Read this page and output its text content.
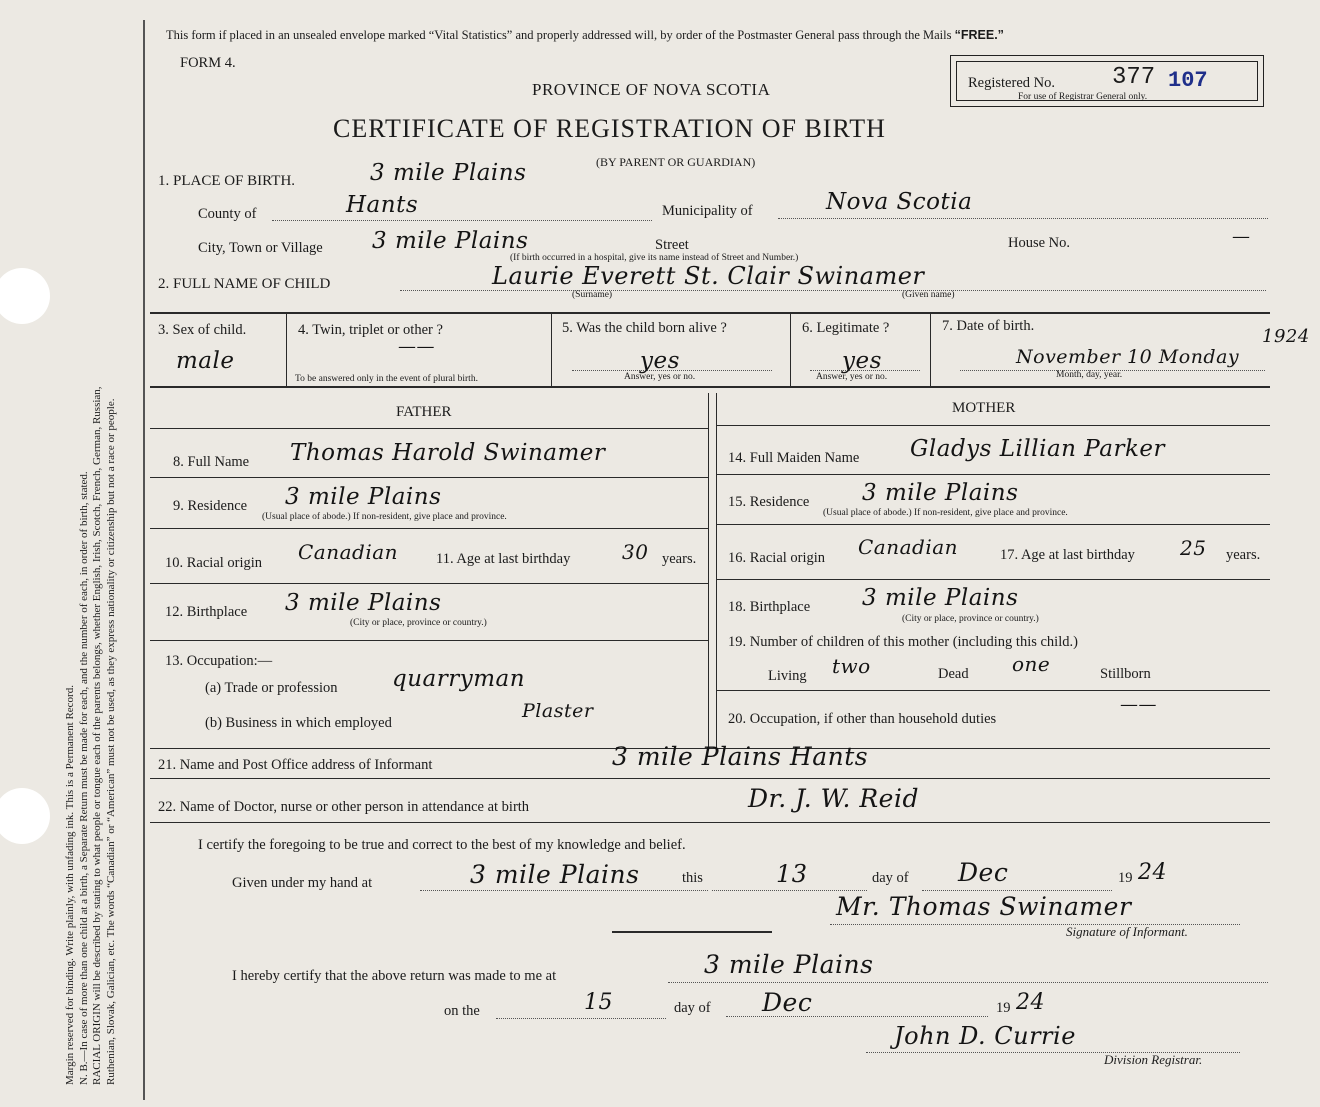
Margin reserved for binding. Write plainly, with unfading ink. This is a Permanent Record. N. B.—In case of more than one child at a birth, a Separate Return must be made for each, and the number of each, in order of birth, stated. RACIAL ORIGIN will be described by stating to what people or tongue each of the parents belongs, whether English, Irish, Scotch, French, German, Russian, Ruthenian, Slovak, Galician, etc. The words “Canadian” or “American” must not be used, as they express nationality or citizenship but not a race or people.
This form if placed in an unsealed envelope marked “Vital Statistics” and properly addressed will, by order of the Postmaster General pass through the Mails “FREE.”
FORM 4.
PROVINCE OF NOVA SCOTIA
CERTIFICATE OF REGISTRATION OF BIRTH
(BY PARENT OR GUARDIAN)
Registered No. 377 107
For use of Registrar General only.
1. PLACE OF BIRTH.	3 mile Plains
County of	Hants	Municipality of	Nova Scotia
City, Town or Village 3 mile Plains	Street	House No.	—
(If birth occurred in a hospital, give its name instead of Street and Number.)
2. FULL NAME OF CHILD	Laurie Everett St. Clair Swinamer
(Surname)	(Given name)
3. Sex of child.
male
4. Twin, triplet or other ?
——
To be answered only in the event of plural birth.
5. Was the child born alive ?
yes
Answer, yes or no.
6. Legitimate ?
yes
Answer, yes or no.
7. Date of birth.	1924
November 10 Monday
Month, day, year.
FATHER
8. Full Name Thomas Harold Swinamer
9. Residence 3 mile Plains
(Usual place of abode.) If non-resident, give place and province.
10. Racial origin Canadian	11. Age at last birthday	30 years.
12. Birthplace 3 mile Plains
(City or place, province or country.)
13. Occupation:—
(a) Trade or profession quarryman
(b) Business in which employed
Plaster
MOTHER
14. Full Maiden Name Gladys Lillian Parker
15. Residence 3 mile Plains
(Usual place of abode.) If non-resident, give place and province.
16. Racial origin Canadian	17. Age at last birthday 25 years.
18. Birthplace 3 mile Plains
(City or place, province or country.)
19. Number of children of this mother (including this child.)
Living two	Dead one	Stillborn
20. Occupation, if other than household duties
——
21. Name and Post Office address of Informant	3 mile Plains Hants
22. Name of Doctor, nurse or other person in attendance at birth	Dr. J. W. Reid
I certify the foregoing to be true and correct to the best of my knowledge and belief.
Given under my hand at	3 mile Plains	this	13	day of Dec	19 24
Mr. Thomas Swinamer
Signature of Informant.
I hereby certify that the above return was made to me at	3 mile Plains
on the	15	day of Dec	19 24
John D. Currie
Division Registrar.
